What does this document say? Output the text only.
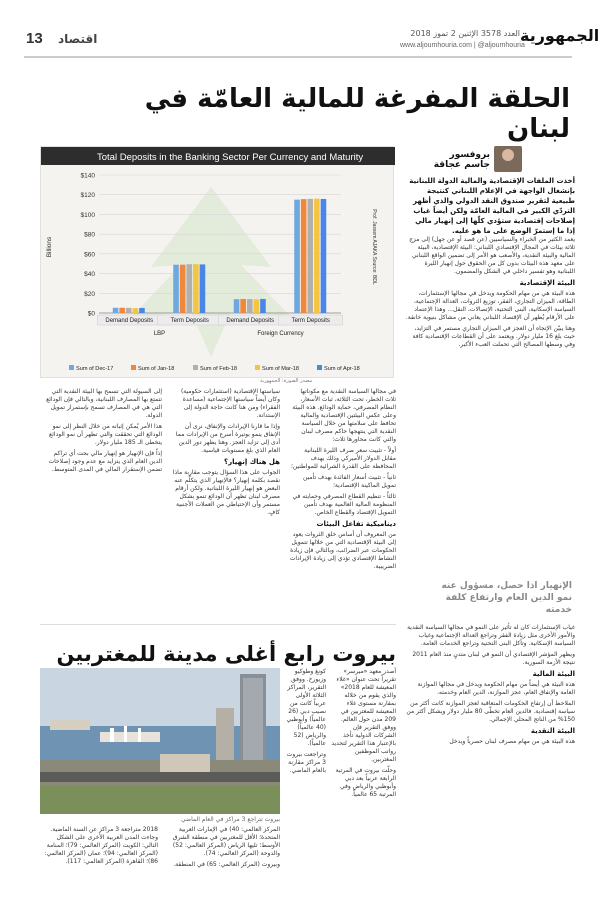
13 اقتصاد	العدد 3578 الإثنين 2 تموز 2018
www.aljoumhouria.com | @aljoumhouria
الجمهورية
الحلقة المفرغة للمالية العامّة في لبنان
Total Deposits in the Banking Sector Per Currency and Maturity
$0
$20
$40
$60
$80
$100
$120
$140
Billions
Demand Deposits	Term Deposits	Demand Deposits	Term Deposits
LBP	Foreign Currency
Sum of Dec-17	Sum of Jan-18	Sum of Feb-18	Sum of Mar-18	Sum of Apr-18
Prof. Jassem AJAKA Source: BDL
مصدر الصورة: الجمهورية
بروفسور
جاسم عجاقة
أخذت الملفات الإقتصادية والمالية الدولة اللبنانية بإنشغال الواجهة في الإعلام اللبناني كنتيجة طبيعية لتقرير صندوق النقد الدولي والذي أظهر التردّي الكبير في المالية العامّة ولكن أيضاً غياب إصلاحات إقتصادية ستؤدي كلّها إلى إنهيار مالي إذا ما إستمرّ الوضع على ما هو عليه.

يعمد الكثير من الخبراء والسياسيين (عن قصد أو عن جهل) إلى مزج ثلاثة بيئات في المجال الإقتصادي اللبناني: البيئة الإقتصادية، البيئة المالية والبيئة النقدية، والأصعب هو الأمر إلى تضمين الواقع اللبناني على معهد هذه البيئات بدون كل من الحقوق حول إنهيار الليرة اللبنانية وهو تفسير داخلي في الشكل والمضمون.

البيئة الإقتصادية

هذه البيئة هي من مهام الحكومة ويدخل في مجالها الإستثمارات، الطاقة، الميزان التجاري، الفقر، توزيع الثروات، العدالة الإجتماعية، السياسة الإسكانية، البنى التحتية، الإتصالات، النقل... وهذا الإعتماد على الأرقام يُظهر أن الإقتصاد اللبناني يعاني من مشاكل بنيوية خانقة.

وهنا يبيّن الإتجاه أن العجز في الميزان التجاري مستمر في التزايد، حيث بلغ 16 مليار دولار. ويعتمد على أن القطاعات الإقتصادية كافة وفي وسطها المصالح التي تحملت العبء الأكبر.

الإنهيار اذا حصل، مسؤول عنه نمو الدين العام وارتفاع كلفة خدمته

غياب الإستثمارات كان له تأثير على النمو في مجالها السياسة النقدية والأمور الأخرى مثل زيادة الفقر وتراجع العدالة الإجتماعية وغياب السياسة الإسكانية. وتأكل البنى التحتية وتراجع الخدمات العامة.

ويظهر المؤشر الإقتصادي أن النمو في لبنان متدنٍ منذ العام 2011 نتيجة الأزمة السورية.

البيئة المالية

هذه البيئة هي أيضاً من مهام الحكومة ويدخل في مجالها الموازنة العامة والإنفاق العام، عجز الموازنة، الدين العام وخدمته.

الملاحظ أن إرتفاع الحكومات المتعاقبة لعجز الموازنة كانت أكثر من سياسة إقتصادية. فالدين العام تخطّى 80 مليار دولار ويشكل أكثر من 150% من الناتج المحلي الإجمالي.

البيئة النقدية

هذه البيئة هي من مهام مصرف لبنان حصرياً ويدخل

في مجالها السياسة النقدية مع مكوناتها ثلاث الخطر، تحت الثلاثة، ثبات الأسعار، النظام المصرفي، حماية الودائع. هذه البيئة وعلى عكس البيئتين الإقتصادية والمالية تحافظ على سلامتها من خلال السياسة النقدية التي ينتهجها حاكم مصرف لبنان والتي كانت محاورها ثلاث:

أولاً - تثبيت سعر صرف الليرة اللبنانية مقابل الدولار الأميركي وذلك بهدف المحافظة على القدرة الشرائية للمواطنين؛

ثانياً - تثبيت أسعار الفائدة بهدف تأمين تمويل الماكينة الإقتصادية؛

ثالثاً - تنظيم القطاع المصرفي وحمايته في المنظومة المالية العالمية بهدف تأمين التمويل الإقتصاد والقطاع الخاص.

ديناميكية تفاعل البيئات

من المعروف أن أساس خلق الثروات يعود إلى البيئة الإقتصادية التي من خلالها تتمويل الحكومات عبر الضرائب، وبالتالي فإن زيادة النشاط الإقتصادي تؤدي إلى زيادة الإيرادات الضريبية.

سياستها الإقتصادية (استثمارات حكومية) وكان أيضاً سياستها الإجتماعية (مساعدة الفقراء) ومن هنا كانت حاجة الدولة إلى الإستدانة.

وإذا ما قارنا الإيرادات والإنفاق، نرى أن الإنفاق ينمو بوتيرة أسرع من الإيرادات مما أدى إلى تزايد العجز. وهنا يظهر دور الدين العام الذي بلغ مستويات قياسية.

هل هناك إنهيار؟

الجواب على هذا السؤال يتوجب مقاربة ماذا نقصد بكلمة إنهيار؟ فالإنهيار الذي يتكلّم عنه البعض هو إنهيار الليرة اللبنانية. ولكن أرقام مصرف لبنان تظهر أن الودائع تنمو بشكل مستمر وأن الإحتياطي من العملات الأجنبية كافٍ.

إلى السيولة التي تسمح بها البيئة النقدية التي تتمتع بها المصارف اللبنانية، وبالتالي فإن الودائع التي هي في المصارف تسمح بإستمرار تمويل الدولة.

هذا الأمر يُمكن إثباته من خلال النظر إلى نمو الودائع التي تحققت والتي تظهر أن نمو الودائع يتخطى الـ 185 مليار دولار.

إذاً فإن الإنهيار هو إنهيار مالي بحت أي تراكم الدين العام الذي يتزايد مع عدم وجود إصلاحات تضمن الإستقرار المالي في المدى المتوسط.

بيروت رابع أغلى مدينة للمغتربين
بيروت تتراجع 3 مراكز في العام الماضي

أصدر معهد «ميرسر» تقريراً تحت عنوان «غلاء المعيشة للعام 2018» والذي يقوم من خلاله بمقارنة مستوى غلاء المعيشة للمغتربين في 209 مدن حول العالم. ووفق التقرير فإن الشركات الدولية تأخذ بالإعتبار هذا التقرير لتحديد رواتب الموظفين المغتربين.

وحلّت بيروت في المرتبة الرابعة عربياً بعد دبي وأبوظبي والرياض وفي المرتبة 65 عالمياً.

كونغ وطوكيو وزيورخ. ووفق التقرير، المراكز الثلاثة الأولى عربياً كانت من نصيب دبي (26 عالمياً) وأبوظبي (40 عالمياً) والرياض (52 عالمياً).

وتراجعت بيروت 3 مراكز مقارنة بالعام الماضي.

المركز العالمي: 40) في الإمارات العربية المتحدة؛ الأقل للمغتربين في منطقة الشرق الأوسط؛ تليها الرياض (المركز العالمي: 52) والدوحة (المركز العالمي: 74).

وبيروت (المركز العالمي: 65) في المنطقة.

2018 متراجعة 3 مراكز عن السنة الماضية. وجاءت المدن العربية الأخرى على الشكل التالي: الكويت (المركز العالمي: 79)؛ المنامة (المركز العالمي: 94)؛ عمان (المركز العالمي: 86)؛ القاهرة (المركز العالمي: 117).
